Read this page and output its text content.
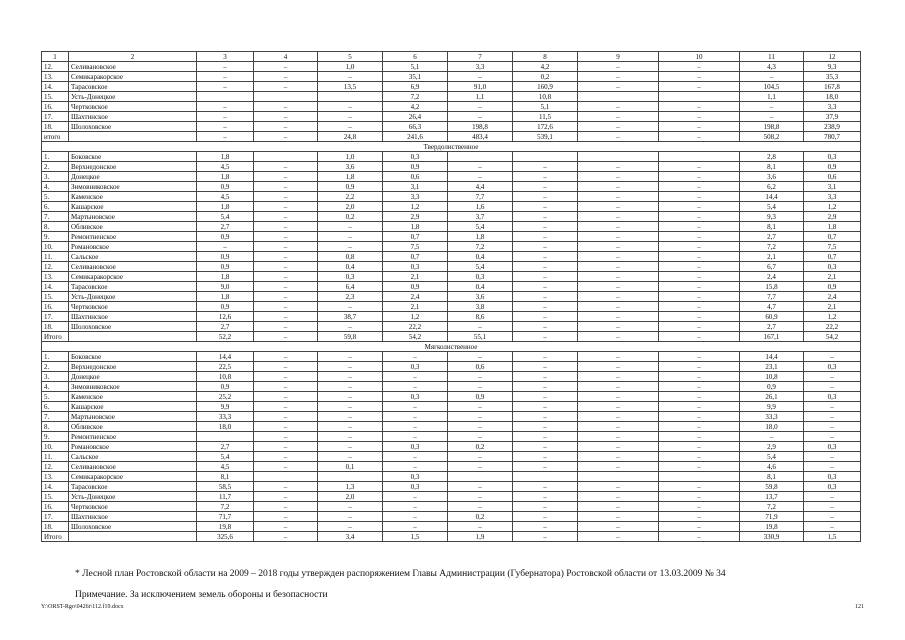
1	2	3	4	5	6	7	8	9	10	11	12
12.	Селивановское	–	–	1,0	5,1	3,3	4,2	–	–	4,3	9,3
13.	Семикаракорское	–	–	–	35,1	–	0,2	–	–	–	35,3
14.	Тарасовское	–	–	13,5	6,9	91,0	160,9	–	–	104,5	167,8
15.	Усть-Донецкое				7,2	1,1	10,8			1,1	18,0
16.	Чертковское	–	–	–	4,2	–	5,1	–	–	–	3,3
17.	Шахтинское	–	–	–	26,4	–	11,5	–	–	–	37,9
18.	Шолоховское	–	–	–	66,3	198,8	172,6	–	–	198,8	238,9
итого		–	–	24,8	241,6	483,4	539,1	–	–	508,2	780,7
Твердолиственное											
1.	Боковское	1,8		1,0	0,3					2,8	0,3
2.	Верхнедонское	4,5	–	3,6	0,9	–	–	–	–	8,1	0,9
3.	Донецкое	1,8	–	1,8	0,6	–	–	–	–	3,6	0,6
4.	Зимовниковское	0,9	–	0,9	3,1	4,4	–	–	–	6,2	3,1
5.	Каменское	4,5	–	2,2	3,3	7,7	–	–	–	14,4	3,3
6.	Кашарское	1,8	–	2,0	1,2	1,6	–	–	–	5,4	1,2
7.	Мартыновское	5,4	–	0,2	2,9	3,7	–	–	–	9,3	2,9
8.	Обливское	2,7	–	–	1,8	5,4	–	–	–	8,1	1,8
9.	Ремонтненское	0,9	–	–	0,7	1,8	–	–	–	2,7	0,7
10.	Романовское	–	–	–	7,5	7,2	–	–	–	7,2	7,5
11.	Сальское	0,9	–	0,8	0,7	0,4	–	–	–	2,1	0,7
12.	Селивановское	0,9	–	0,4	0,3	5,4	–	–	–	6,7	0,3
13.	Семикаракорское	1,8	–	0,3	2,1	0,3	–	–	–	2,4	2,1
14.	Тарасовское	9,0	–	6,4	0,9	0,4	–	–	–	15,8	0,9
15.	Усть-Донецкое	1,8	–	2,3	2,4	3,6	–	–	–	7,7	2,4
16.	Чертковское	0,9	–	–	2,1	3,8	–	–	–	4,7	2,1
17.	Шахтинское	12,6	–	38,7	1,2	8,6	–	–	–	60,9	1,2
18.	Шолоховское	2,7	–	–	22,2	–	–	–	–	2,7	22,2
Итого		52,2	–	59,8	54,2	55,1	–	–	–	167,1	54,2
Мягколиственное											
1.	Боковское	14,4	–	–	–	–	–	–	–	14,4	–
2.	Верхнедонское	22,5	–	–	0,3	0,6	–	–	–	23,1	0,3
3.	Донецкое	10,8	–	–	–	–	–	–	–	10,8	–
4.	Зимовниковское	0,9	–	–	–	–	–	–	–	0,9	–
5.	Каменское	25,2	–	–	0,3	0,9	–	–	–	26,1	0,3
6.	Кашарское	9,9	–	–	–	–	–	–	–	9,9	–
7.	Мартыновское	33,3	–	–	–	–	–	–	–	33,3	–
8.	Обливское	18,0	–	–	–	–	–	–	–	18,0	–
9.	Ремонтненское		–	–	–	–	–	–	–	–	–
10.	Романовское	2,7	–	–	0,3	0,2	–	–	–	2,9	0,3
11.	Сальское	5,4	–	–	–	–	–	–	–	5,4	–
12.	Селивановское	4,5	–	0,1	–	–	–	–	–	4,6	–
13.	Семикаракорское	8,1			0,3					8,1	0,3
14.	Тарасовское	58,5	–	1,3	0,3	–	–	–	–	59,8	0,3
15.	Усть-Донецкое	11,7	–	2,0	–	–	–	–	–	13,7	–
16.	Чертковское	7,2	–	–	–	–	–	–	–	7,2	–
17.	Шахтинское	71,7	–	–	–	0,2	–	–	–	71,9	–
18.	Шолоховское	19,8	–	–	–	–	–	–	–	19,8	–
Итого		325,6	–	3,4	1,5	1,9	–	–	–	330,9	1,5
* Лесной план Ростовской области на 2009 – 2018 годы утвержден распоряжением Главы Администрации (Губернатора) Ростовской области от 13.03.2009 № 34
Примечание. За исключением земель обороны и безопасности
Y:\ORST-Rgo\0426r\112.f19.docx	121
